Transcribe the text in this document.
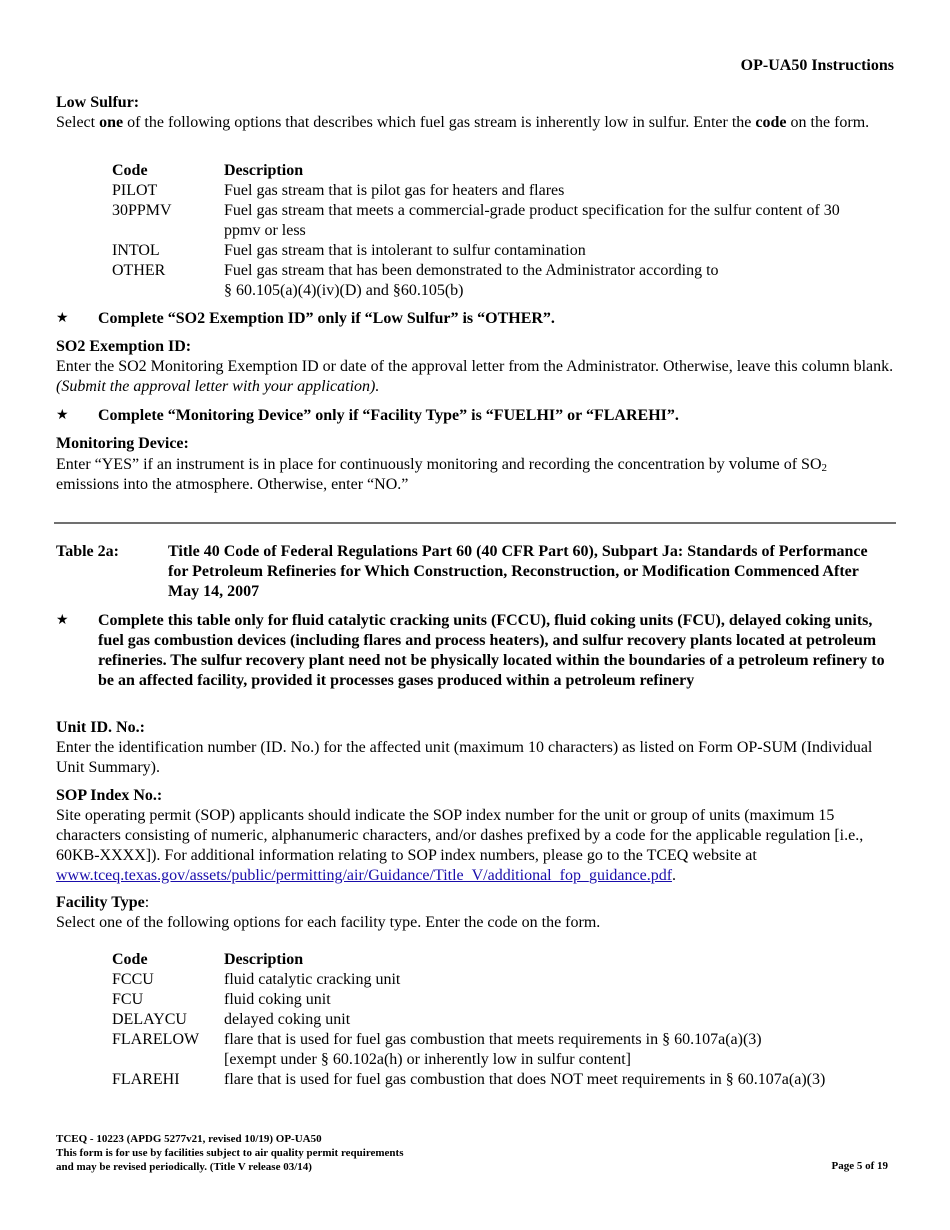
OP-UA50 Instructions

Low Sulfur:

Select one of the following options that describes which fuel gas stream is inherently low in sulfur. Enter the code on the form.

Code	Description
PILOT	Fuel gas stream that is pilot gas for heaters and flares
30PPMV	Fuel gas stream that meets a commercial-grade product specification for the sulfur content of 30 ppmv or less
INTOL	Fuel gas stream that is intolerant to sulfur contamination
OTHER	Fuel gas stream that has been demonstrated to the Administrator according to
§ 60.105(a)(4)(iv)(D) and §60.105(b)
★ Complete “SO2 Exemption ID” only if “Low Sulfur” is “OTHER”.

SO2 Exemption ID:

Enter the SO2 Monitoring Exemption ID or date of the approval letter from the Administrator. Otherwise, leave this column blank. (Submit the approval letter with your application).

★ Complete “Monitoring Device” only if “Facility Type” is “FUELHI” or “FLAREHI”.

Monitoring Device:

Enter “YES” if an instrument is in place for continuously monitoring and recording the concentration by volume of $SO_2$ emissions into the atmosphere. Otherwise, enter “NO.”

Table 2a:	Title 40 Code of Federal Regulations Part 60 (40 CFR Part 60), Subpart Ja: Standards of Performance for Petroleum Refineries for Which Construction, Reconstruction, or Modification Commenced After May 14, 2007
★ Complete this table only for fluid catalytic cracking units (FCCU), fluid coking units (FCU), delayed coking units, fuel gas combustion devices (including flares and process heaters), and sulfur recovery plants located at petroleum refineries. The sulfur recovery plant need not be physically located within the boundaries of a petroleum refinery to be an affected facility, provided it processes gases produced within a petroleum refinery

Unit ID. No.:

Enter the identification number (ID. No.) for the affected unit (maximum 10 characters) as listed on Form OP-SUM (Individual Unit Summary).

SOP Index No.:

Site operating permit (SOP) applicants should indicate the SOP index number for the unit or group of units (maximum 15 characters consisting of numeric, alphanumeric characters, and/or dashes prefixed by a code for the applicable regulation [i.e., 60KB-XXXX]). For additional information relating to SOP index numbers, please go to the TCEQ website at www.tceq.texas.gov/assets/public/permitting/air/Guidance/Title_V/additional_fop_guidance.pdf.

Facility Type:

Select one of the following options for each facility type. Enter the code on the form.

Code	Description
FCCU	fluid catalytic cracking unit
FCU	fluid coking unit
DELAYCU	delayed coking unit
FLARELOW	flare that is used for fuel gas combustion that meets requirements in § 60.107a(a)(3)
[exempt under § 60.102a(h) or inherently low in sulfur content]

FLAREHI	flare that is used for fuel gas combustion that does NOT meet requirements in § 60.107a(a)(3)
TCEQ - 10223 (APDG 5277v21, revised 10/19) OP-UA50
This form is for use by facilities subject to air quality permit requirements
and may be revised periodically. (Title V release 03/14)	Page 5 of 19
